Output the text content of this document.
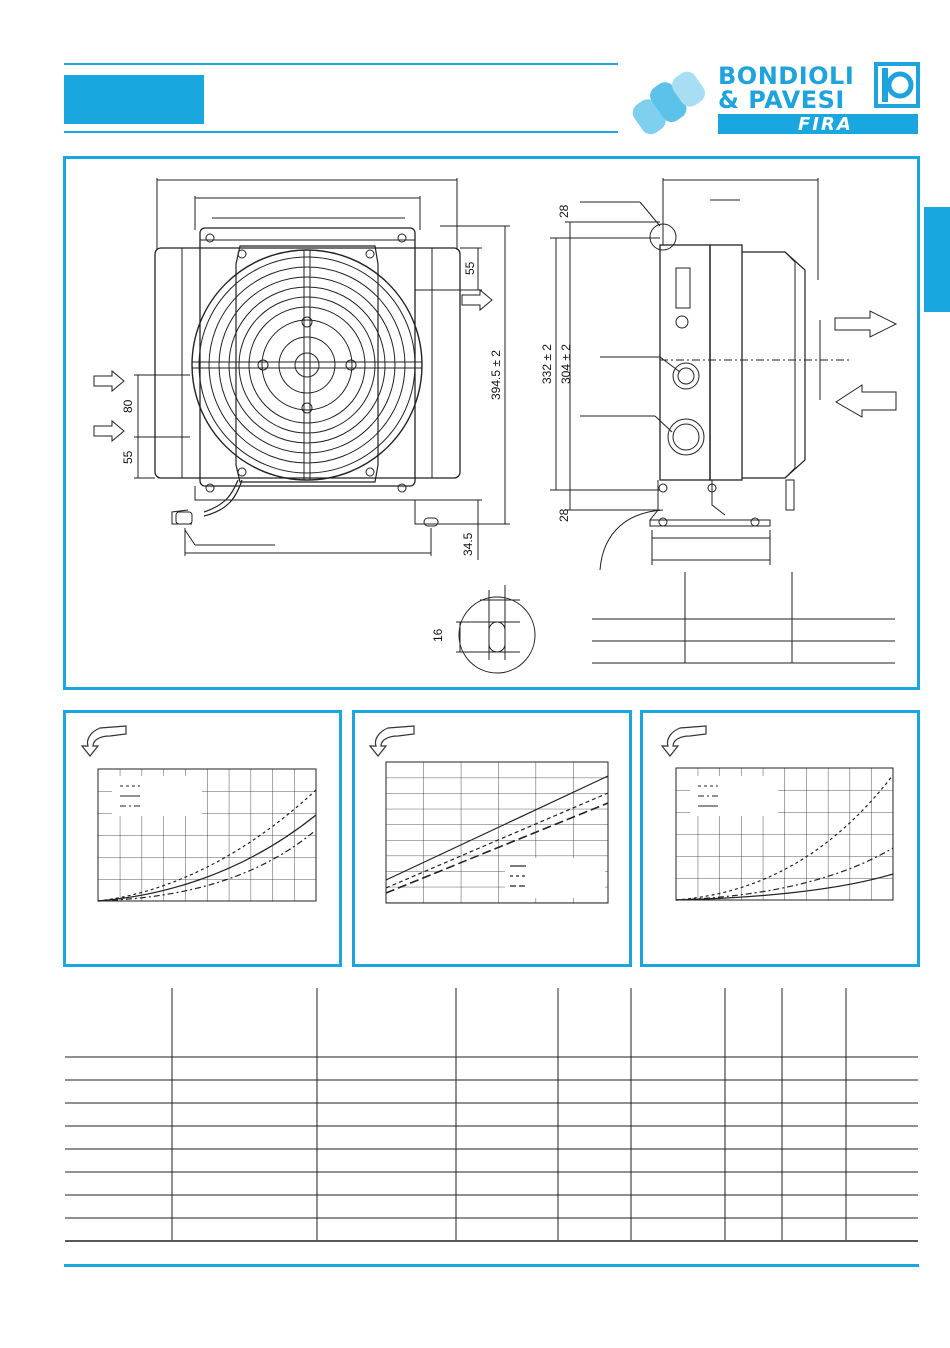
BONDIOLI
& PAVESI
FIRA
55
80
55
394.5 ± 2
34.5
28
332 ± 2 304 ± 2
28
16
